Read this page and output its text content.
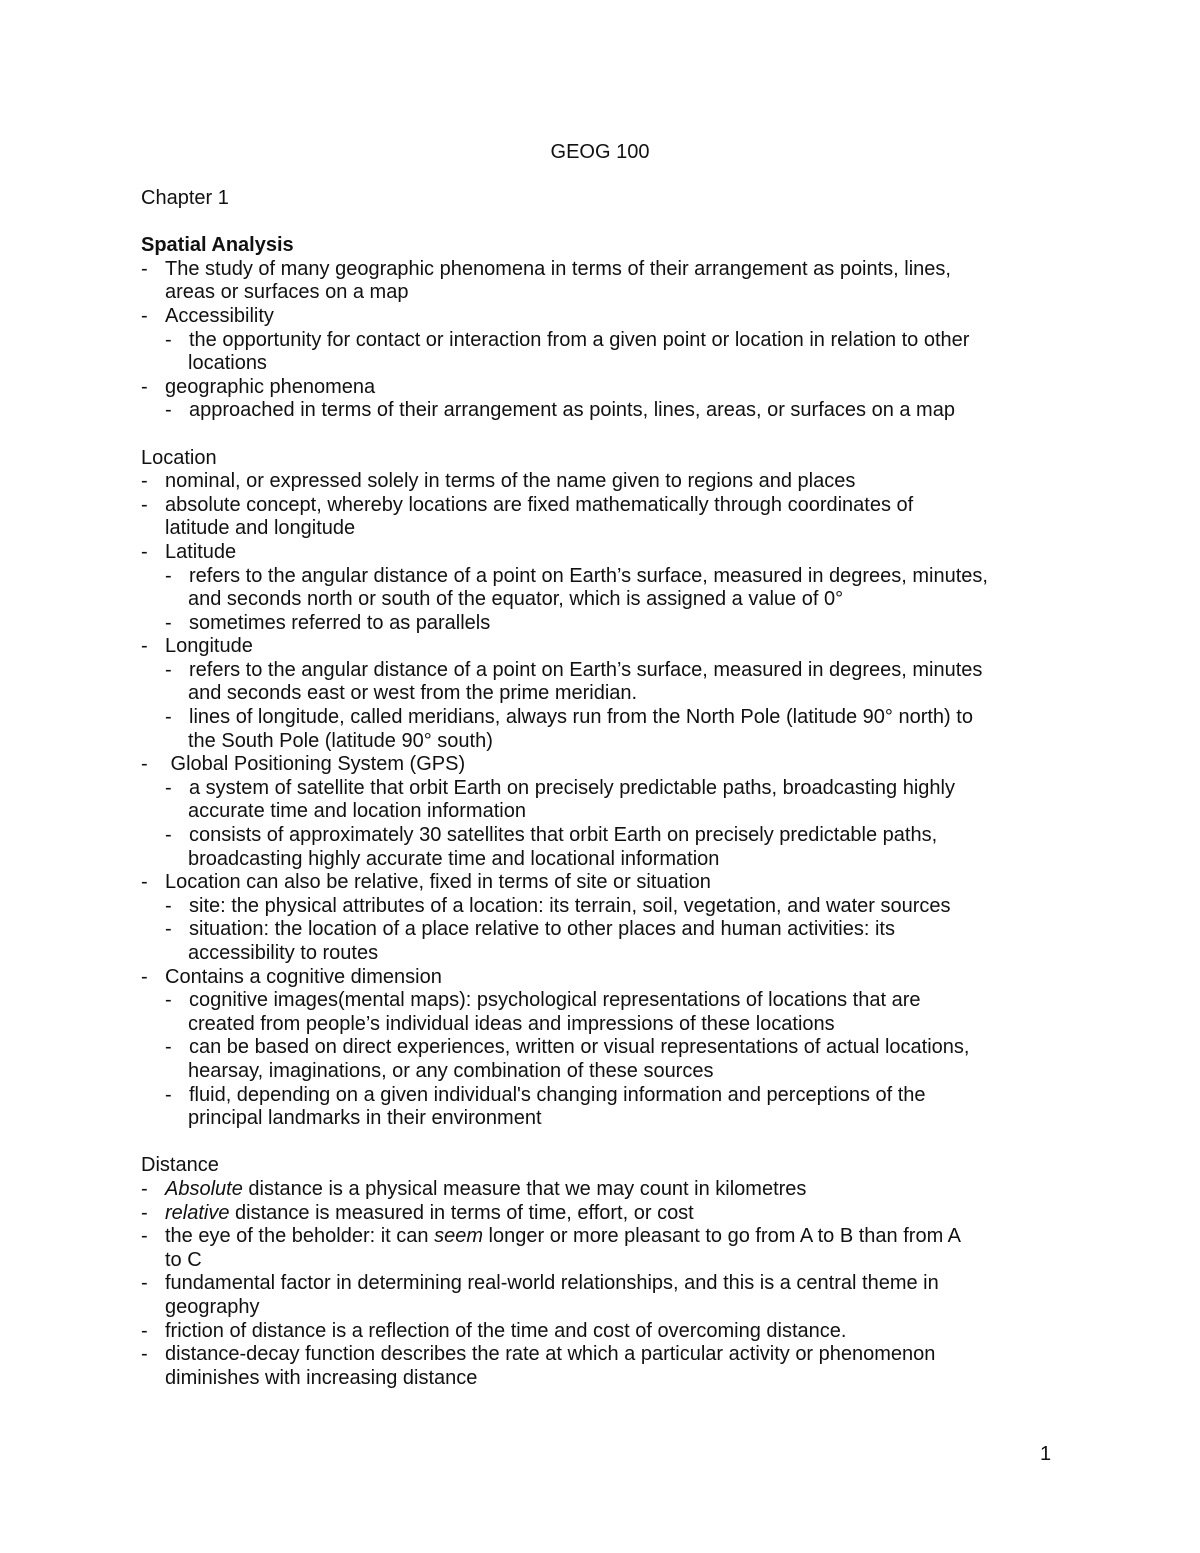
GEOG 100
Chapter 1
Spatial Analysis
- The study of many geographic phenomena in terms of their arrangement as points, lines,
areas or surfaces on a map
- Accessibility
- the opportunity for contact or interaction from a given point or location in relation to other
locations
- geographic phenomena
- approached in terms of their arrangement as points, lines, areas, or surfaces on a map
Location
- nominal, or expressed solely in terms of the name given to regions and places
- absolute concept, whereby locations are fixed mathematically through coordinates of
latitude and longitude
- Latitude
- refers to the angular distance of a point on Earth’s surface, measured in degrees, minutes,
and seconds north or south of the equator, which is assigned a value of 0°
- sometimes referred to as parallels
- Longitude
- refers to the angular distance of a point on Earth’s surface, measured in degrees, minutes
and seconds east or west from the prime meridian.
- lines of longitude, called meridians, always run from the North Pole (latitude 90° north) to
the South Pole (latitude 90° south)
- Global Positioning System (GPS)
- a system of satellite that orbit Earth on precisely predictable paths, broadcasting highly
accurate time and location information
- consists of approximately 30 satellites that orbit Earth on precisely predictable paths,
broadcasting highly accurate time and locational information
- Location can also be relative, fixed in terms of site or situation
- site: the physical attributes of a location: its terrain, soil, vegetation, and water sources
- situation: the location of a place relative to other places and human activities: its
accessibility to routes
- Contains a cognitive dimension
- cognitive images(mental maps): psychological representations of locations that are
created from people’s individual ideas and impressions of these locations
- can be based on direct experiences, written or visual representations of actual locations,
hearsay, imaginations, or any combination of these sources
- fluid, depending on a given individual's changing information and perceptions of the
principal landmarks in their environment
Distance
- Absolute distance is a physical measure that we may count in kilometres
- relative distance is measured in terms of time, effort, or cost
- the eye of the beholder: it can seem longer or more pleasant to go from A to B than from A
to C
- fundamental factor in determining real-world relationships, and this is a central theme in
geography
- friction of distance is a reflection of the time and cost of overcoming distance.
- distance-decay function describes the rate at which a particular activity or phenomenon
diminishes with increasing distance
1
